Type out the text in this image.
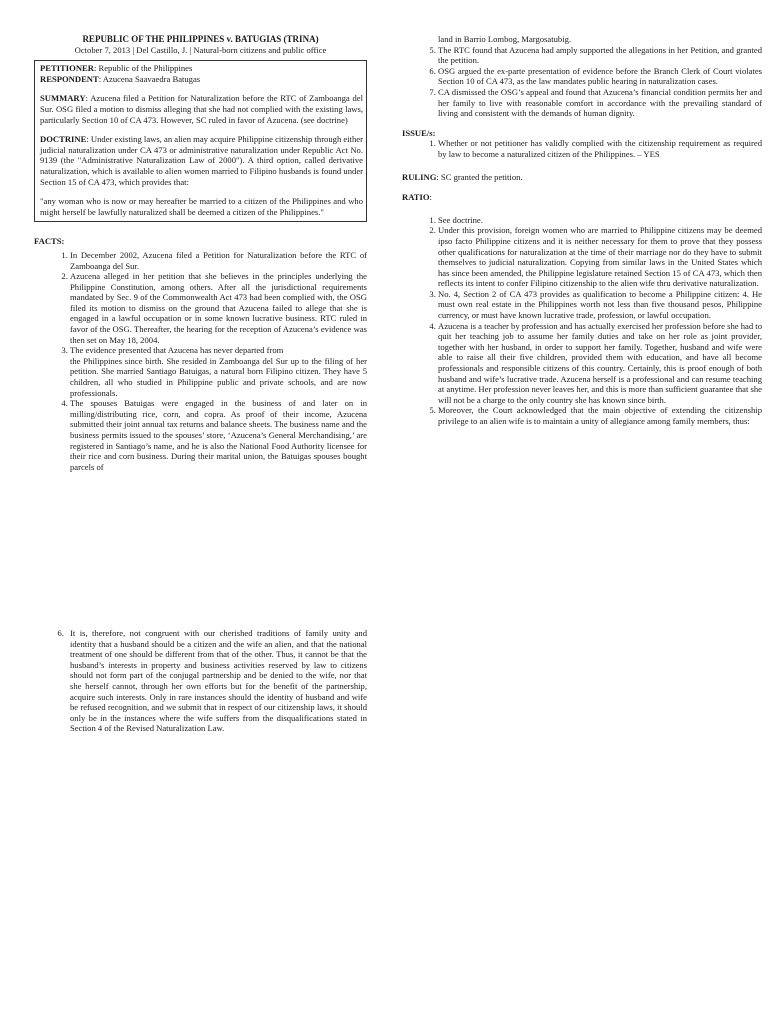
REPUBLIC OF THE PHILIPPINES v. BATUGIAS (TRINA)
October 7, 2013 | Del Castillo, J. | Natural-born citizens and public office

PETITIONER: Republic of the Philippines

RESPONDENT: Azucena Saavaedra Batugas

SUMMARY: Azucena filed a Petition for Naturalization before the RTC of Zamboanga del Sur. OSG filed a motion to dismiss alleging that she had not complied with the existing laws, particularly Section 10 of CA 473. However, SC ruled in favor of Azucena. (see doctrine)

DOCTRINE: Under existing laws, an alien may acquire Philippine citizenship through either judicial naturalization under CA 473 or administrative naturalization under Republic Act No. 9139 (the "Administrative Naturalization Law of 2000"). A third option, called derivative naturalization, which is available to alien women married to Filipino husbands is found under Section 15 of CA 473, which provides that:

"any woman who is now or may hereafter be married to a citizen of the Philippines and who might herself be lawfully naturalized shall be deemed a citizen of the Philippines."

FACTS:
1. In December 2002, Azucena filed a Petition for Naturalization before the RTC of Zamboanga del Sur.
2. Azucena alleged in her petition that she believes in the principles underlying the Philippine Constitution, among others. After all the jurisdictional requirements mandated by Sec. 9 of the Commonwealth Act 473 had been complied with, the OSG filed its motion to dismiss on the ground that Azucena failed to allege that she is engaged in a lawful occupation or in some known lucrative business. RTC ruled in favor of the OSG. Thereafter, the hearing for the reception of Azucena’s evidence was then set on May 18, 2004.
3. The evidence presented that Azucena has never departed from
the Philippines since birth. She resided in Zamboanga del Sur up to the filing of her petition. She married Santiago Batuigas, a natural born Filipino citizen. They have 5 children, all who studied in Philippine public and private schools, and are now professionals.
4. The spouses Batuigas were engaged in the business of and later on in milling/distributing rice, corn, and copra. As proof of their income, Azucena submitted their joint annual tax returns and balance sheets. The business name and the business permits issued to the spouses’ store, ‘Azucena’s General Merchandising,’ are registered in Santiago’s name, and he is also the National Food Authority licensee for their rice and corn business. During their marital union, the Batuigas spouses bought parcels of
land in Barrio Lombog, Margosatubig.
5. The RTC found that Azucena had amply supported the allegations in her Petition, and granted the petition.
6. OSG argued the ex-parte presentation of evidence before the Branch Clerk of Court violates Section 10 of CA 473, as the law mandates public hearing in naturalization cases.
7. CA dismissed the OSG’s appeal and found that Azucena’s financial condition permits her and her family to live with reasonable comfort in accordance with the prevailing standard of living and consistent with the demands of human dignity.
ISSUE/s:
1. Whether or not petitioner has validly complied with the citizenship requirement as required by law to become a naturalized citizen of the Philippines. – YES
RULING: SC granted the petition.
RATIO:
1. See doctrine.
2. Under this provision, foreign women who are married to Philippine citizens may be deemed ipso facto Philippine citizens and it is neither necessary for them to prove that they possess other qualifications for naturalization at the time of their marriage nor do they have to submit themselves to judicial naturalization. Copying from similar laws in the United States which has since been amended, the Philippine legislature retained Section 15 of CA 473, which then reflects its intent to confer Filipino citizenship to the alien wife thru derivative naturalization.
3. No. 4, Section 2 of CA 473 provides as qualification to become a Philippine citizen: 4. He must own real estate in the Philippines worth not less than five thousand pesos, Philippine currency, or must have known lucrative trade, profession, or lawful occupation.
4. Azucena is a teacher by profession and has actually exercised her profession before she had to quit her teaching job to assume her family duties and take on her role as joint provider, together with her husband, in order to support her family. Together, husband and wife were able to raise all their five children, provided them with education, and have all become professionals and responsible citizens of this country. Certainly, this is proof enough of both husband and wife’s lucrative trade. Azucena herself is a professional and can resume teaching at anytime. Her profession never leaves her, and this is more than sufficient guarantee that she will not be a charge to the only country she has known since birth.
5. Moreover, the Court acknowledged that the main objective of extending the citizenship privilege to an alien wife is to maintain a unity of allegiance among family members, thus:
6. It is, therefore, not congruent with our cherished traditions of family unity and identity that a husband should be a citizen and the wife an alien, and that the national treatment of one should be different from that of the other. Thus, it cannot be that the husband’s interests in property and business activities reserved by law to citizens should not form part of the conjugal partnership and be denied to the wife, nor that she herself cannot, through her own efforts but for the benefit of the partnership, acquire such interests. Only in rare instances should the identity of husband and wife be refused recognition, and we submit that in respect of our citizenship laws, it should only be in the instances where the wife suffers from the disqualifications stated in Section 4 of the Revised Naturalization Law.
